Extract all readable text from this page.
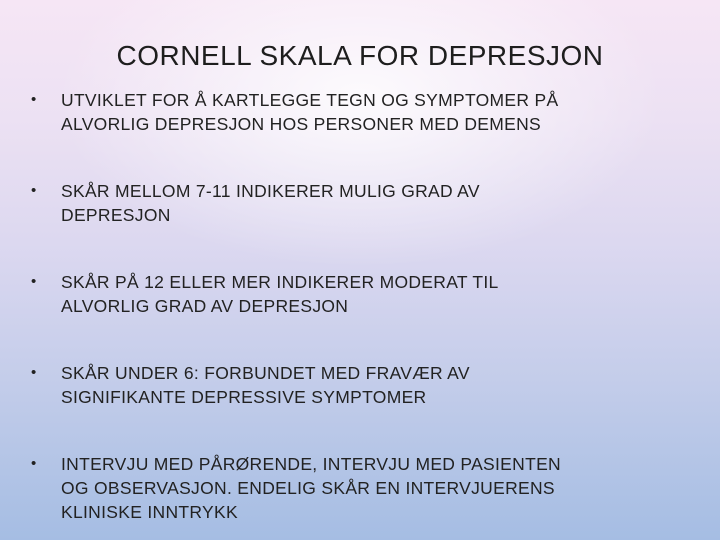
CORNELL SKALA FOR DEPRESJON
• UTVIKLET FOR Å KARTLEGGE TEGN OG SYMPTOMER PÅ
ALVORLIG DEPRESJON HOS PERSONER MED DEMENS
• SKÅR MELLOM 7-11 INDIKERER MULIG GRAD AV
DEPRESJON
• SKÅR PÅ 12 ELLER MER INDIKERER MODERAT TIL
ALVORLIG GRAD AV DEPRESJON
• SKÅR UNDER 6: FORBUNDET MED FRAVÆR AV
SIGNIFIKANTE DEPRESSIVE SYMPTOMER
• INTERVJU MED PÅRØRENDE, INTERVJU MED PASIENTEN
OG OBSERVASJON. ENDELIG SKÅR EN INTERVJUERENS
KLINISKE INNTRYKK
